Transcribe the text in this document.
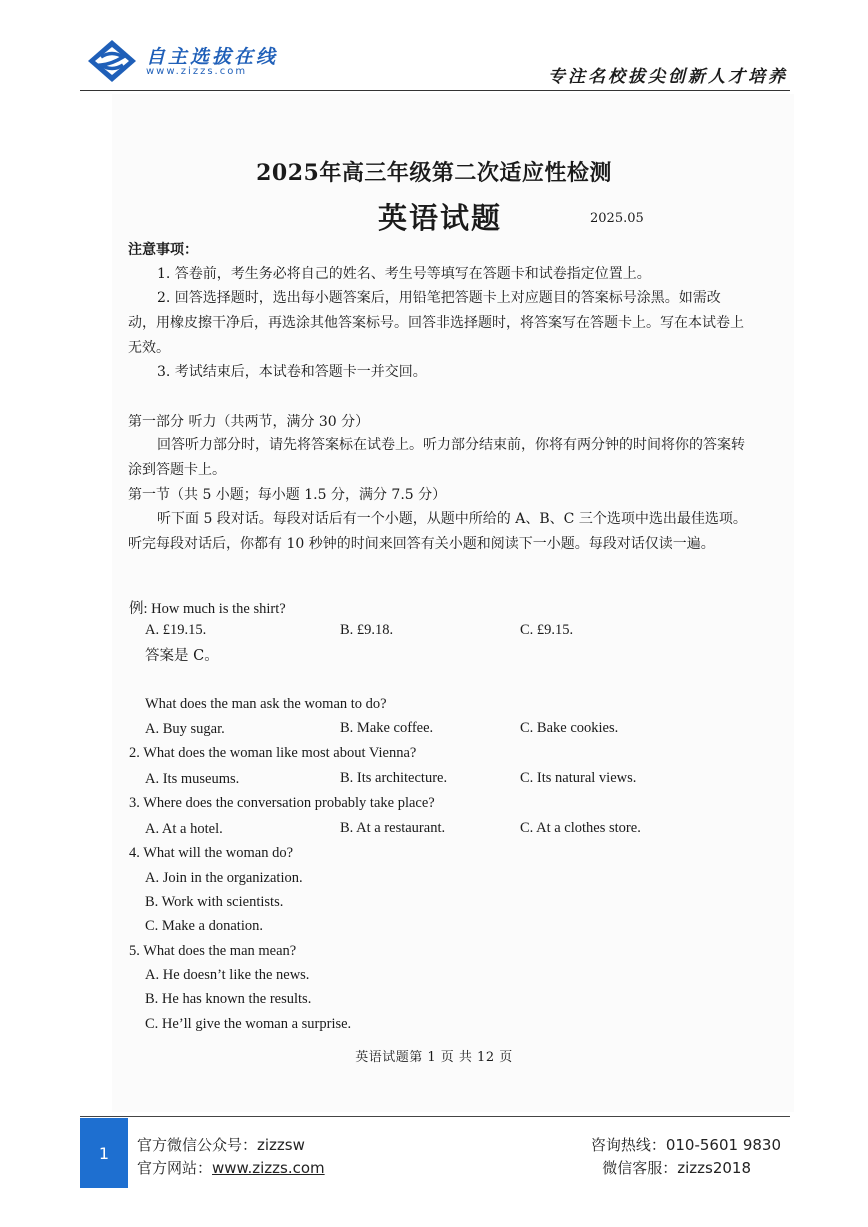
自主选拔在线
www.zizzs.com	专注名校拔尖创新人才培养
2025年高三年级第二次适应性检测
英语试题	2025.05
注意事项：
1. 答卷前，考生务必将自己的姓名、考生号等填写在答题卡和试卷指定位置上。
2. 回答选择题时，选出每小题答案后，用铅笔把答题卡上对应题目的答案标号涂黑。如需改动，用橡皮擦干净后，再选涂其他答案标号。回答非选择题时，将答案写在答题卡上。写在本试卷上无效。
3. 考试结束后，本试卷和答题卡一并交回。
第一部分 听力（共两节，满分 30 分）
回答听力部分时，请先将答案标在试卷上。听力部分结束前，你将有两分钟的时间将你的答案转涂到答题卡上。
第一节（共 5 小题；每小题 1.5 分，满分 7.5 分）
听下面 5 段对话。每段对话后有一个小题，从题中所给的 A、B、C 三个选项中选出最佳选项。听完每段对话后，你都有 10 秒钟的时间来回答有关小题和阅读下一小题。每段对话仅读一遍。
例: How much is the shirt?
A. £19.15.	B. £9.18.	C. £9.15.
答案是 C。
What does the man ask the woman to do?
A. Buy sugar.	B. Make coffee.	C. Bake cookies.
2. What does the woman like most about Vienna?
A. Its museums.	B. Its architecture.	C. Its natural views.
3. Where does the conversation probably take place?
A. At a hotel.	B. At a restaurant.	C. At a clothes store.
4. What will the woman do?
A. Join in the organization.
B. Work with scientists.
C. Make a donation.
5. What does the man mean?
A. He doesn’t like the news.
B. He has known the results.
C. He’ll give the woman a surprise.
英语试题第 1 页 共 12 页
1 官方微信公众号：zizzsw
官方网站：www.zizzs.com
咨询热线：010-5601 9830
微信客服：zizzs2018
